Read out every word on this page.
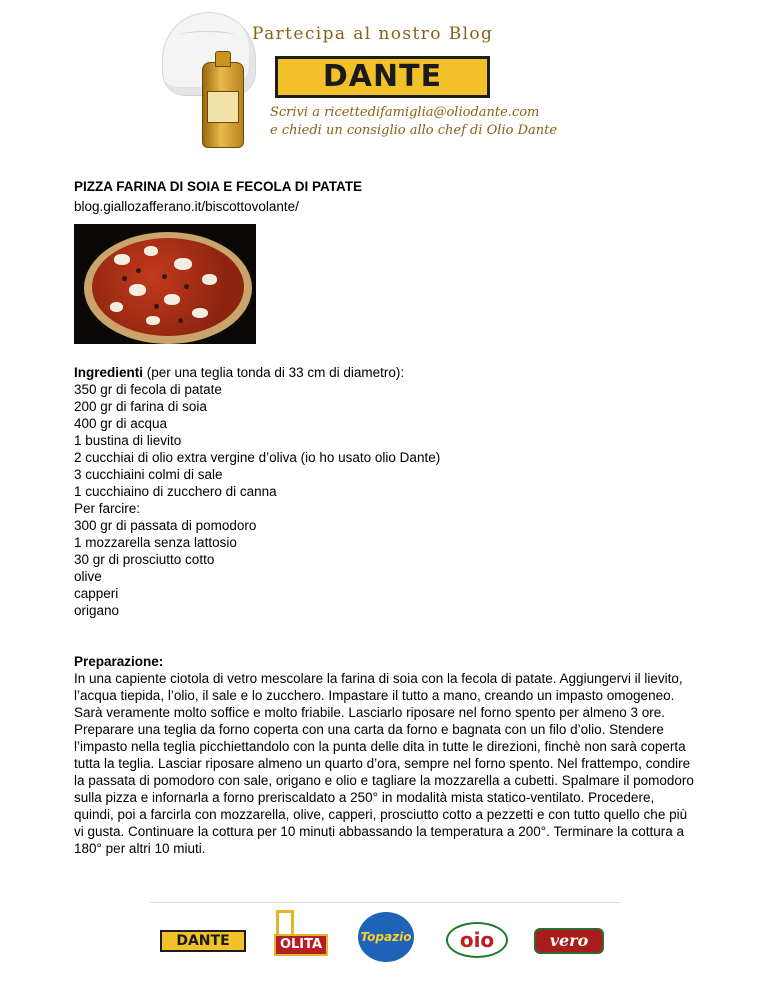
Partecipa al nostro Blog
DANTE
Scrivi a ricettedifamiglia@oliodante.com
e chiedi un consiglio allo chef di Olio Dante

PIZZA FARINA DI SOIA E FECOLA DI PATATE

blog.giallozafferano.it/biscottovolante/

Ingredienti (per una teglia tonda di 33 cm di diametro):
350 gr di fecola di patate
200 gr di farina di soia
400 gr di acqua
1 bustina di lievito
2 cucchiai di olio extra vergine d’oliva (io ho usato olio Dante)
3 cucchiaini colmi di sale
1 cucchiaino di zucchero di canna
Per farcire:
300 gr di passata di pomodoro
1 mozzarella senza lattosio
30 gr di prosciutto cotto
olive
capperi
origano
Preparazione:
In una capiente ciotola di vetro mescolare la farina di soia con la fecola di patate. Aggiungervi il lievito, l’acqua tiepida, l’olio, il sale e lo zucchero. Impastare il tutto a mano, creando un impasto omogeneo. Sarà veramente molto soffice e molto friabile. Lasciarlo riposare nel forno spento per almeno 3 ore. Preparare una teglia da forno coperta con una carta da forno e bagnata con un filo d’olio. Stendere l’impasto nella teglia picchiettandolo con la punta delle dita in tutte le direzioni, finchè non sarà coperta tutta la teglia. Lasciar riposare almeno un quarto d’ora, sempre nel forno spento. Nel frattempo, condire la passata di pomodoro con sale, origano e olio e tagliare la mozzarella a cubetti. Spalmare il pomodoro sulla pizza e infornarla a forno preriscaldato a 250° in modalità mista statico-ventilato. Procedere, quindi, poi a farcirla con mozzarella, olive, capperi, prosciutto cotto a pezzetti e con tutto quello che più vi gusta. Continuare la cottura per 10 minuti abbassando la temperatura a 200°. Terminare la cottura a 180° per altri 10 miuti.
DANTE	OLITA	Topazio	oio	vero
